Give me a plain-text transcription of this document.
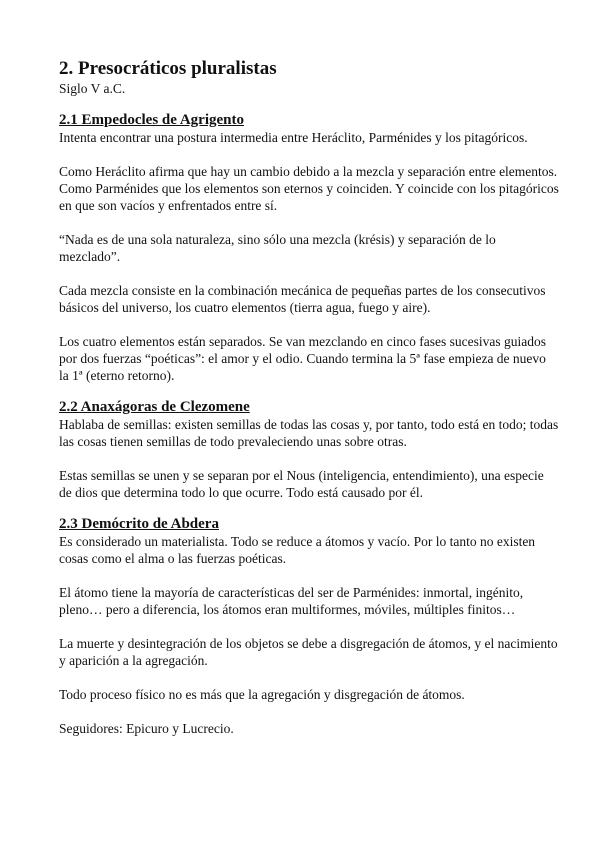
2. Presocráticos pluralistas

Siglo V a.C.

2.1 Empedocles de Agrigento

Intenta encontrar una postura intermedia entre Heráclito, Parménides y los pitagóricos.

Como Heráclito afirma que hay un cambio debido a la mezcla y separación entre elementos. Como Parménides que los elementos son eternos y coinciden. Y coincide con los pitagóricos en que son vacíos y enfrentados entre sí.

“Nada es de una sola naturaleza, sino sólo una mezcla (krésis) y separación de lo mezclado”.

Cada mezcla consiste en la combinación mecánica de pequeñas partes de los consecutivos básicos del universo, los cuatro elementos (tierra agua, fuego y aire).

Los cuatro elementos están separados. Se van mezclando en cinco fases sucesivas guiados por dos fuerzas “poéticas”: el amor y el odio. Cuando termina la 5ª fase empieza de nuevo la 1ª (eterno retorno).

2.2 Anaxágoras de Clezomene

Hablaba de semillas: existen semillas de todas las cosas y, por tanto, todo está en todo; todas las cosas tienen semillas de todo prevaleciendo unas sobre otras.

Estas semillas se unen y se separan por el Nous (inteligencia, entendimiento), una especie de dios que determina todo lo que ocurre. Todo está causado por él.

2.3 Demócrito de Abdera

Es considerado un materialista. Todo se reduce a átomos y vacío. Por lo tanto no existen cosas como el alma o las fuerzas poéticas.

El átomo tiene la mayoría de características del ser de Parménides: inmortal, ingénito, pleno… pero a diferencia, los átomos eran multiformes, móviles, múltiples finitos…

La muerte y desintegración de los objetos se debe a disgregación de átomos, y el nacimiento y aparición a la agregación.

Todo proceso físico no es más que la agregación y disgregación de átomos.

Seguidores: Epicuro y Lucrecio.
